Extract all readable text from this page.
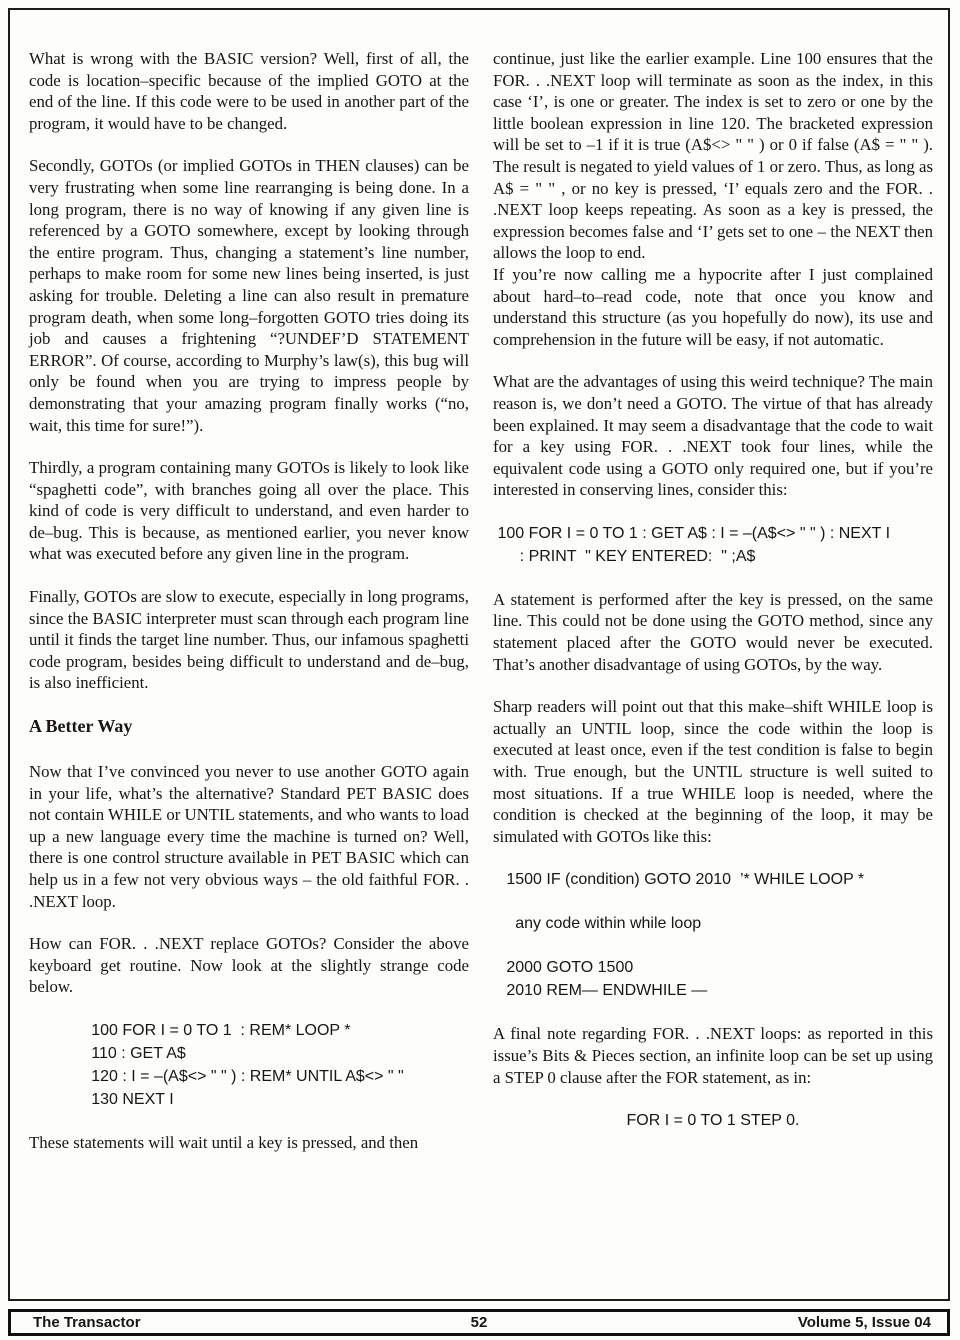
What is wrong with the BASIC version? Well, first of all, the code is location–specific because of the implied GOTO at the end of the line. If this code were to be used in another part of the program, it would have to be changed.

Secondly, GOTOs (or implied GOTOs in THEN clauses) can be very frustrating when some line rearranging is being done. In a long program, there is no way of knowing if any given line is referenced by a GOTO somewhere, except by looking through the entire program. Thus, changing a statement’s line number, perhaps to make room for some new lines being inserted, is just asking for trouble. Deleting a line can also result in premature program death, when some long–forgotten GOTO tries doing its job and causes a frightening “?UNDEF’D STATEMENT ERROR”. Of course, according to Murphy’s law(s), this bug will only be found when you are trying to impress people by demonstrating that your amazing program finally works (“no, wait, this time for sure!”).

Thirdly, a program containing many GOTOs is likely to look like “spaghetti code”, with branches going all over the place. This kind of code is very difficult to understand, and even harder to de–bug. This is because, as mentioned earlier, you never know what was executed before any given line in the program.

Finally, GOTOs are slow to execute, especially in long programs, since the BASIC interpreter must scan through each program line until it finds the target line number. Thus, our infamous spaghetti code program, besides being difficult to understand and de–bug, is also inefficient.

A Better Way

Now that I’ve convinced you never to use another GOTO again in your life, what’s the alternative? Standard PET BASIC does not contain WHILE or UNTIL statements, and who wants to load up a new language every time the machine is turned on? Well, there is one control structure available in PET BASIC which can help us in a few not very obvious ways – the old faithful FOR. . .NEXT loop.

How can FOR. . .NEXT replace GOTOs? Consider the above keyboard get routine. Now look at the slightly strange code below.

100 FOR I = 0 TO 1  : REM* LOOP *
110 : GET A$
120 : I = –(A$<> " " ) : REM* UNTIL A$<> " "
130 NEXT I

These statements will wait until a key is pressed, and then

continue, just like the earlier example. Line 100 ensures that the FOR. . .NEXT loop will terminate as soon as the index, in this case ‘I’, is one or greater. The index is set to zero or one by the little boolean expression in line 120. The bracketed expression will be set to –1 if it is true (A$<> " " ) or 0 if false (A$ = " " ). The result is negated to yield values of 1 or zero. Thus, as long as A$ = " " , or no key is pressed, ‘I’ equals zero and the FOR. . .NEXT loop keeps repeating. As soon as a key is pressed, the expression becomes false and ‘I’ gets set to one – the NEXT then allows the loop to end.

If you’re now calling me a hypocrite after I just complained about hard–to–read code, note that once you know and understand this structure (as you hopefully do now), its use and comprehension in the future will be easy, if not automatic.

What are the advantages of using this weird technique? The main reason is, we don’t need a GOTO. The virtue of that has already been explained. It may seem a disadvantage that the code to wait for a key using FOR. . .NEXT took four lines, while the equivalent code using a GOTO only required one, but if you’re interested in conserving lines, consider this:

100 FOR I = 0 TO 1 : GET A$ : I = –(A$<> " " ) : NEXT I
: PRINT  " KEY ENTERED:  " ;A$

A statement is performed after the key is pressed, on the same line. This could not be done using the GOTO method, since any statement placed after the GOTO would never be executed. That’s another disadvantage of using GOTOs, by the way.

Sharp readers will point out that this make–shift WHILE loop is actually an UNTIL loop, since the code within the loop is executed at least once, even if the test condition is false to begin with. True enough, but the UNTIL structure is well suited to most situations. If a true WHILE loop is needed, where the condition is checked at the beginning of the loop, it may be simulated with GOTOs like this:

1500 IF (condition) GOTO 2010  ’* WHILE LOOP *
any code within while loop
2000 GOTO 1500
2010 REM— ENDWHILE —

A final note regarding FOR. . .NEXT loops: as reported in this issue’s Bits & Pieces section, an infinite loop can be set up using a STEP 0 clause after the FOR statement, as in:

FOR I = 0 TO 1 STEP 0.
The Transactor	52	Volume 5, Issue 04
